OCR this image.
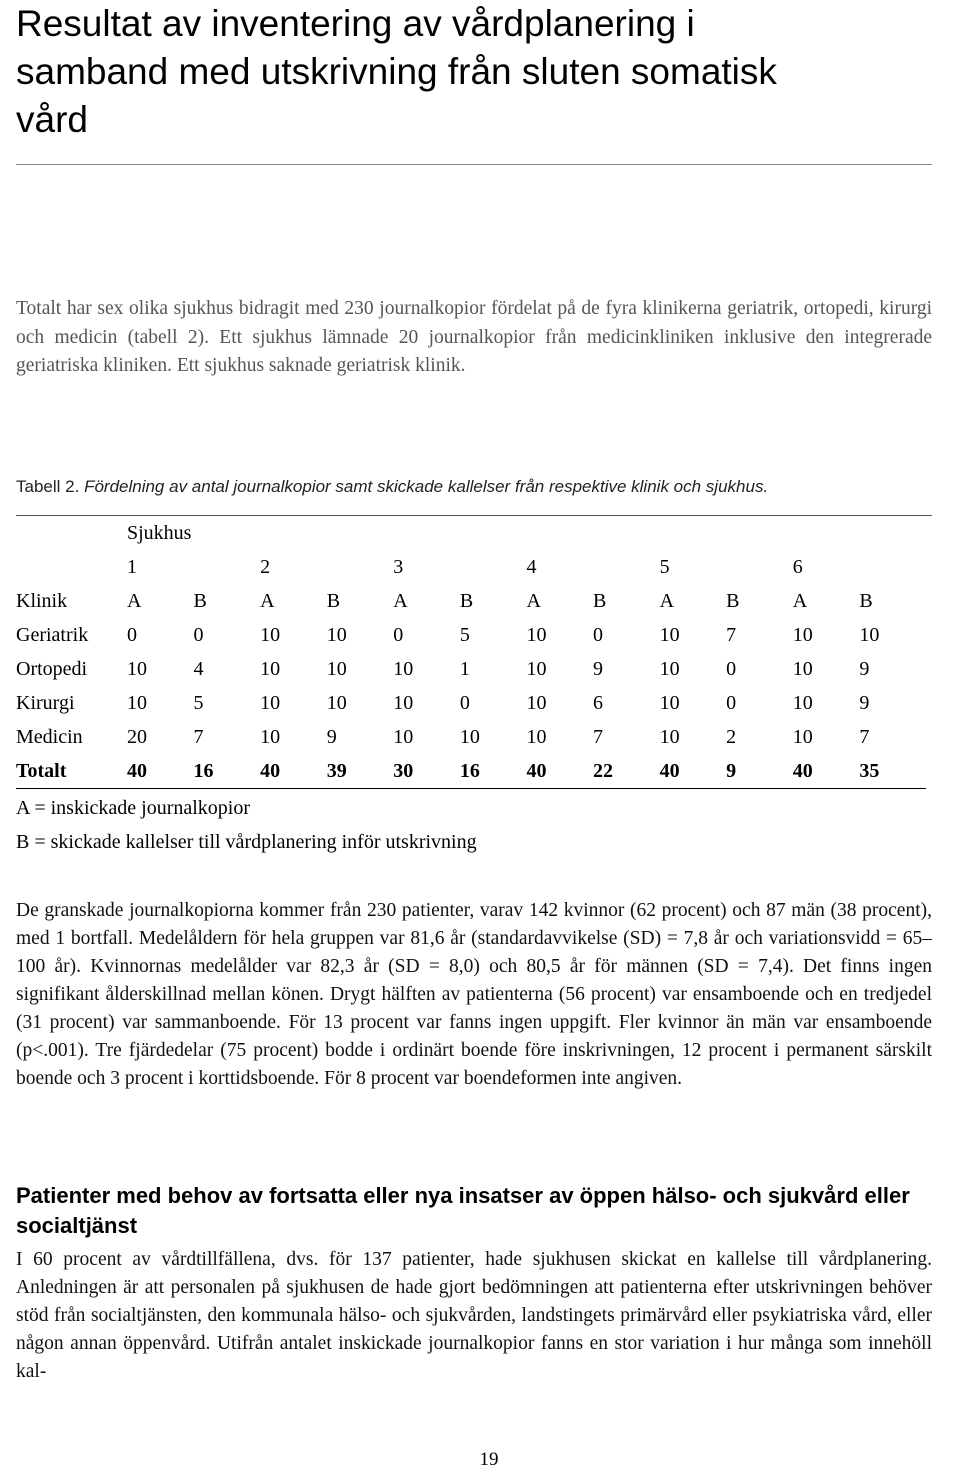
Resultat av inventering av vårdplanering i
samband med utskrivning från sluten somatisk
vård

Totalt har sex olika sjukhus bidragit med 230 journalkopior fördelat på de fyra klinikerna geriatrik, ortopedi, kirurgi och medicin (tabell 2). Ett sjukhus lämnade 20 journalkopior från medicinkliniken inklusive den integrerade geriatriska kliniken. Ett sjukhus saknade geriatrisk klinik.

Tabell 2. Fördelning av antal journalkopior samt skickade kallelser från respektive klinik och sjukhus.

	Sjukhus											
	1		2		3		4		5		6	
Klinik	A	B	A	B	A	B	A	B	A	B	A	B
Geriatrik	0	0	10	10	0	5	10	0	10	7	10	10
Ortopedi	10	4	10	10	10	1	10	9	10	0	10	9
Kirurgi	10	5	10	10	10	0	10	6	10	0	10	9
Medicin	20	7	10	9	10	10	10	7	10	2	10	7
Totalt	40	16	40	39	30	16	40	22	40	9	40	35
A = inskickade journalkopior
B = skickade kallelser till vårdplanering inför utskrivning

De granskade journalkopiorna kommer från 230 patienter, varav 142 kvinnor (62 procent) och 87 män (38 procent), med 1 bortfall. Medelåldern för hela gruppen var 81,6 år (standardavvikelse (SD) = 7,8 år och variationsvidd = 65–100 år). Kvinnornas medelålder var 82,3 år (SD = 8,0) och 80,5 år för männen (SD = 7,4). Det finns ingen signifikant ålderskillnad mellan könen. Drygt hälften av patienterna (56 procent) var ensamboende och en tredjedel (31 procent) var sammanboende. För 13 procent var fanns ingen uppgift. Fler kvinnor än män var ensamboende (p<.001). Tre fjärdedelar (75 procent) bodde i ordinärt boende före inskrivningen, 12 procent i permanent särskilt boende och 3 procent i korttidsboende. För 8 procent var boendeformen inte angiven.

Patienter med behov av fortsatta eller nya insatser av öppen hälso- och sjukvård eller socialtjänst

I 60 procent av vårdtillfällena, dvs. för 137 patienter, hade sjukhusen skickat en kallelse till vårdplanering. Anledningen är att personalen på sjukhusen de hade gjort bedömningen att patienterna efter utskrivningen behöver stöd från socialtjänsten, den kommunala hälso- och sjukvården, landstingets primärvård eller psykiatriska vård, eller någon annan öppenvård. Utifrån antalet inskickade journalkopior fanns en stor variation i hur många som innehöll kal-

19
